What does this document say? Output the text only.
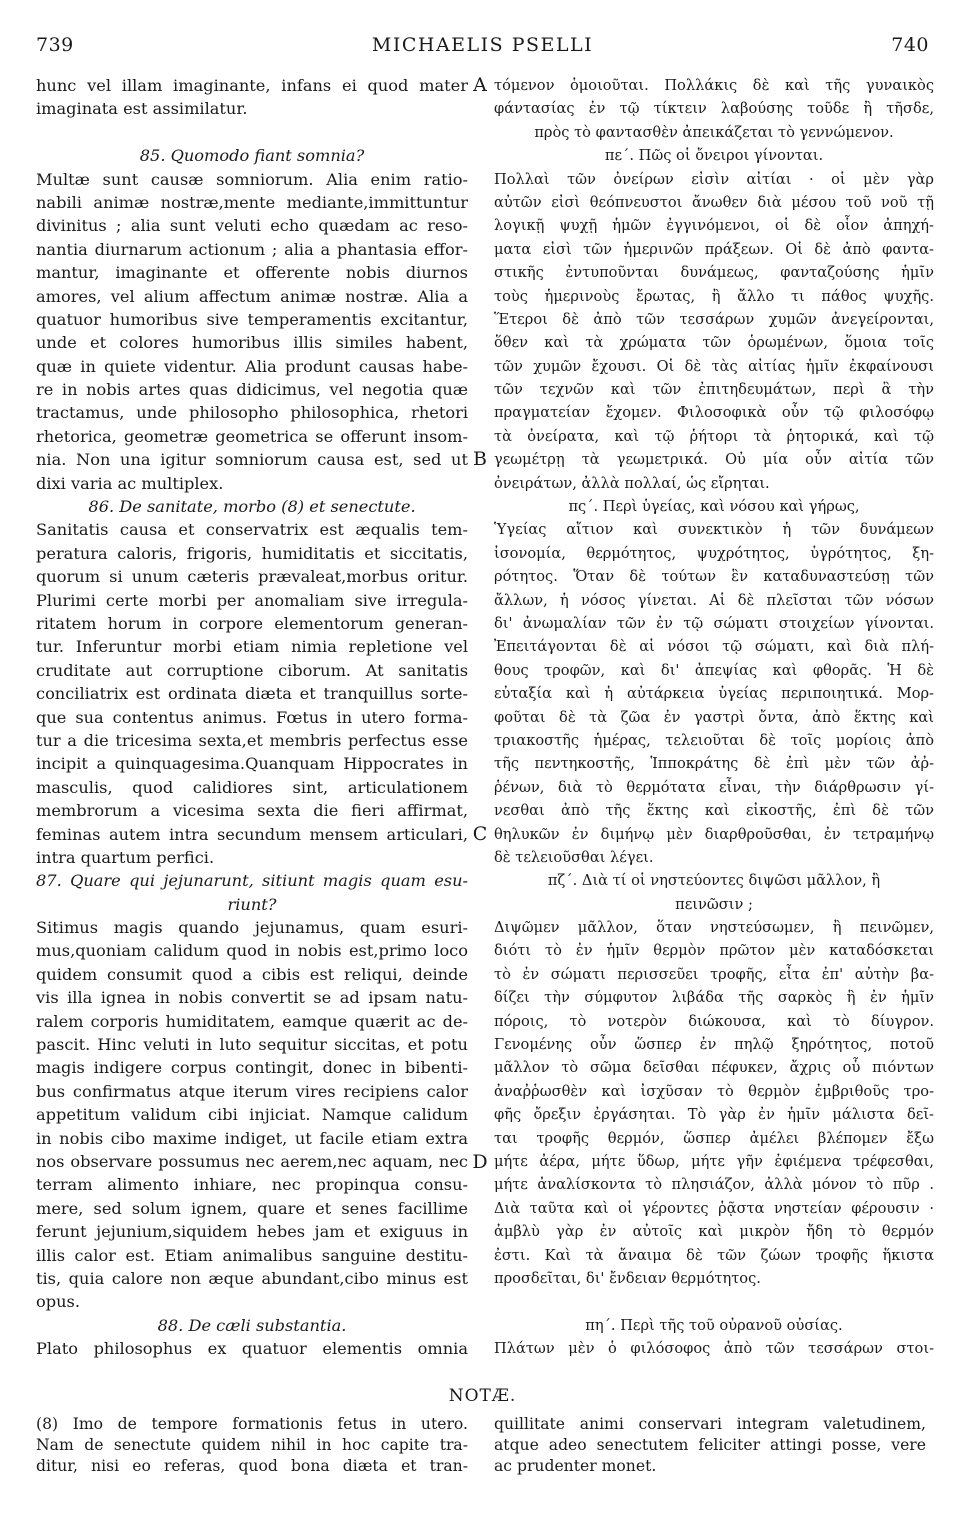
739	MICHAELIS PSELLI	740
hunc vel illam imaginante, infans ei quod mater
imaginata est assimilatur.
85. Quomodo fiant somnia?
Multæ sunt causæ somniorum. Alia enim ratio-
nabili animæ nostræ,mente mediante,immittuntur
divinitus ; alia sunt veluti echo quædam ac reso-
nantia diurnarum actionum ; alia a phantasia effor-
mantur, imaginante et offerente nobis diurnos
amores, vel alium affectum animæ nostræ. Alia a
quatuor humoribus sive temperamentis excitantur,
unde et colores humoribus illis similes habent,
quæ in quiete videntur. Alia produnt causas habe-
re in nobis artes quas didicimus, vel negotia quæ
tractamus, unde philosopho philosophica, rhetori
rhetorica, geometræ geometrica se offerunt insom-
nia. Non una igitur somniorum causa est, sed ut
dixi varia ac multiplex.
86. De sanitate, morbo (8) et senectute.
Sanitatis causa et conservatrix est æqualis tem-
peratura caloris, frigoris, humiditatis et siccitatis,
quorum si unum cæteris prævaleat,morbus oritur.
Plurimi certe morbi per anomaliam sive irregula-
ritatem horum in corpore elementorum generan-
tur. Inferuntur morbi etiam nimia repletione vel
cruditate aut corruptione ciborum. At sanitatis
conciliatrix est ordinata diæta et tranquillus sorte-
que sua contentus animus. Fœtus in utero forma-
tur a die tricesima sexta,et membris perfectus esse
incipit a quinquagesima.Quanquam Hippocrates in
masculis, quod calidiores sint, articulationem
membrorum a vicesima sexta die fieri affirmat,
feminas autem intra secundum mensem articulari,
intra quartum perfici.
87. Quare qui jejunarunt, sitiunt magis quam esu-
riunt?
Sitimus magis quando jejunamus, quam esuri-
mus,quoniam calidum quod in nobis est,primo loco
quidem consumit quod a cibis est reliqui, deinde
vis illa ignea in nobis convertit se ad ipsam natu-
ralem corporis humiditatem, eamque quærit ac de-
pascit. Hinc veluti in luto sequitur siccitas, et potu
magis indigere corpus contingit, donec in bibenti-
bus confirmatus atque iterum vires recipiens calor
appetitum validum cibi injiciat. Namque calidum
in nobis cibo maxime indiget, ut facile etiam extra
nos observare possumus nec aerem,nec aquam, nec
terram alimento inhiare, nec propinqua consu-
mere, sed solum ignem, quare et senes facillime
ferunt jejunium,siquidem hebes jam et exiguus in
illis calor est. Etiam animalibus sanguine destitu-
tis, quia calore non æque abundant,cibo minus est
opus.
88. De cæli substantia.
Plato philosophus ex quatuor elementis omnia
A
B
C
D
τόμενον ὁμοιοῦται. Πολλάκις δὲ καὶ τῆς γυναικὸς
φάντασίας ἐν τῷ τίκτειν λαβούσης τοῦδε ἢ τῆσδε,
πρὸς τὸ φαντασθὲν ἀπεικάζεται τὸ γεννώμενον.
πε΄. Πῶς οἱ ὄνειροι γίνονται.
Πολλαὶ τῶν ὀνείρων εἰσὶν αἰτίαι · οἱ μὲν γὰρ
αὐτῶν εἰσὶ θεόπνευστοι ἄνωθεν διὰ μέσου τοῦ νοῦ τῇ
λογικῇ ψυχῇ ἡμῶν ἐγγινόμενοι, οἱ δὲ οἷον ἀπηχή-
ματα εἰσὶ τῶν ἡμερινῶν πράξεων. Οἱ δὲ ἀπὸ φαντα-
στικῆς ἐντυποῦνται δυνάμεως, φανταζούσης ἡμῖν
τοὺς ἡμερινοὺς ἔρωτας, ἢ ἄλλο τι πάθος ψυχῆς.
Ἕτεροι δὲ ἀπὸ τῶν τεσσάρων χυμῶν ἀνεγείρονται,
ὅθεν καὶ τὰ χρώματα τῶν ὁρωμένων, ὅμοια τοῖς
τῶν χυμῶν ἔχουσι. Οἱ δὲ τὰς αἰτίας ἡμῖν ἐκφαίνουσι
τῶν τεχνῶν καὶ τῶν ἐπιτηδευμάτων, περὶ ἃ τὴν
πραγματείαν ἔχομεν. Φιλοσοφικὰ οὖν τῷ φιλοσόφῳ
τὰ ὀνείρατα, καὶ τῷ ῥήτορι τὰ ῥητορικά, καὶ τῷ
γεωμέτρῃ τὰ γεωμετρικά. Οὐ μία οὖν αἰτία τῶν
ὀνειράτων, ἀλλὰ πολλαί, ὡς εἴρηται.
πς΄. Περὶ ὑγείας, καὶ νόσου καὶ γήρως,
Ὑγείας αἴτιον καὶ συνεκτικὸν ἡ τῶν δυνάμεων
ἰσονομία, θερμότητος, ψυχρότητος, ὑγρότητος, ξη-
ρότητος. Ὅταν δὲ τούτων ἓν καταδυναστεύσῃ τῶν
ἄλλων, ἡ νόσος γίνεται. Αἱ δὲ πλεῖσται τῶν νόσων
δι' ἀνωμαλίαν τῶν ἐν τῷ σώματι στοιχείων γίνονται.
Ἐπειτάγονται δὲ αἱ νόσοι τῷ σώματι, καὶ διὰ πλή-
θους τροφῶν, καὶ δι' ἀπεψίας καὶ φθορᾶς. Ἡ δὲ
εὐταξία καὶ ἡ αὐτάρκεια ὑγείας περιποιητικά. Μορ-
φοῦται δὲ τὰ ζῶα ἐν γαστρὶ ὄντα, ἀπὸ ἕκτης καὶ
τριακοστῆς ἡμέρας, τελειοῦται δὲ τοῖς μορίοις ἀπὸ
τῆς πεντηκοστῆς, Ἱπποκράτης δὲ ἐπὶ μὲν τῶν ἀῤ-
ῥένων, διὰ τὸ θερμότατα εἶναι, τὴν διάρθρωσιν γί-
νεσθαι ἀπὸ τῆς ἕκτης καὶ εἰκοστῆς, ἐπὶ δὲ τῶν
θηλυκῶν ἐν διμήνῳ μὲν διαρθροῦσθαι, ἐν τετραμήνῳ
δὲ τελειοῦσθαι λέγει.
πζ΄. Διὰ τί οἱ νηστεύοντες διψῶσι μᾶλλον, ἢ
πεινῶσιν ;
Διψῶμεν μᾶλλον, ὅταν νηστεύσωμεν, ἢ πεινῶμεν,
διότι τὸ ἐν ἡμῖν θερμὸν πρῶτον μὲν καταδόσκεται
τὸ ἐν σώματι περισσεῦει τροφῆς, εἶτα ἐπ' αὐτὴν βα-
δίζει τὴν σύμφυτον λιβάδα τῆς σαρκὸς ἣ ἐν ἡμῖν
πόροις, τὸ νοτερὸν διώκουσα, καὶ τὸ δίυγρον.
Γενομένης οὖν ὥσπερ ἐν πηλῷ ξηρότητος, ποτοῦ
μᾶλλον τὸ σῶμα δεῖσθαι πέφυκεν, ἄχρις οὗ πιόντων
ἀναῤῥωσθὲν καὶ ἰσχῦσαν τὸ θερμὸν ἐμβριθοῦς τρο-
φῆς ὄρεξιν ἐργάσηται. Τὸ γὰρ ἐν ἡμῖν μάλιστα δεῖ-
ται τροφῆς θερμόν, ὥσπερ ἀμέλει βλέπομεν ἔξω
μήτε ἀέρα, μήτε ὕδωρ, μήτε γῆν ἐφιέμενα τρέφεσθαι,
μήτε ἀναλίσκοντα τὸ πλησιάζον, ἀλλὰ μόνον τὸ πῦρ .
Διὰ ταῦτα καὶ οἱ γέροντες ῥᾷστα νηστείαν φέρουσιν ·
ἀμβλὺ γὰρ ἐν αὐτοῖς καὶ μικρὸν ἤδη τὸ θερμόν
ἐστι. Καὶ τὰ ἄναιμα δὲ τῶν ζώων τροφῆς ἥκιστα
προσδεῖται, δι' ἔνδειαν θερμότητος.
πη΄. Περὶ τῆς τοῦ οὐρανοῦ οὐσίας.
Πλάτων μὲν ὁ φιλόσοφος ἀπὸ τῶν τεσσάρων στοι-
NOTÆ.
(8) Imo de tempore formationis fetus in utero.
Nam de senectute quidem nihil in hoc capite tra-
ditur, nisi eo referas, quod bona diæta et tran-
quillitate animi conservari integram valetudinem,
atque adeo senectutem feliciter attingi posse, vere
ac prudenter monet.
